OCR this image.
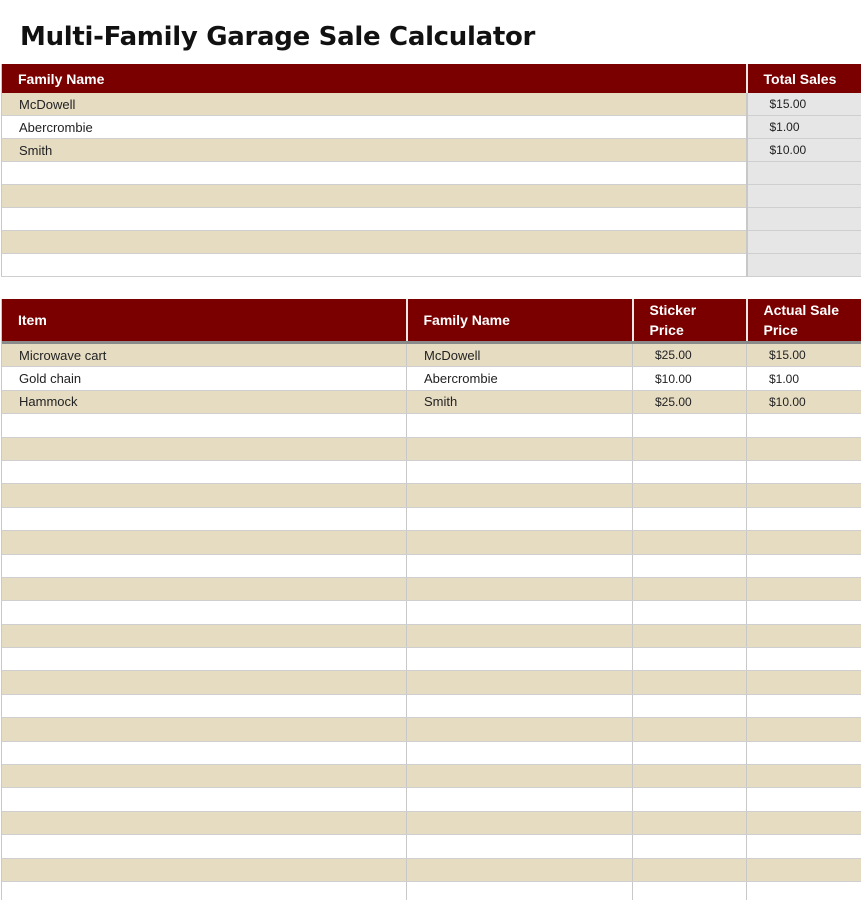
Multi-Family Garage Sale Calculator
Family Name	Total Sales

McDowell	$15.00
Abercrombie	$1.00
Smith	$10.00

Item	Family Name	Sticker Price	Actual Sale Price

Microwave cart	McDowell	$25.00	$15.00
Gold chain	Abercrombie	$10.00	$1.00
Hammock	Smith	$25.00	$10.00
